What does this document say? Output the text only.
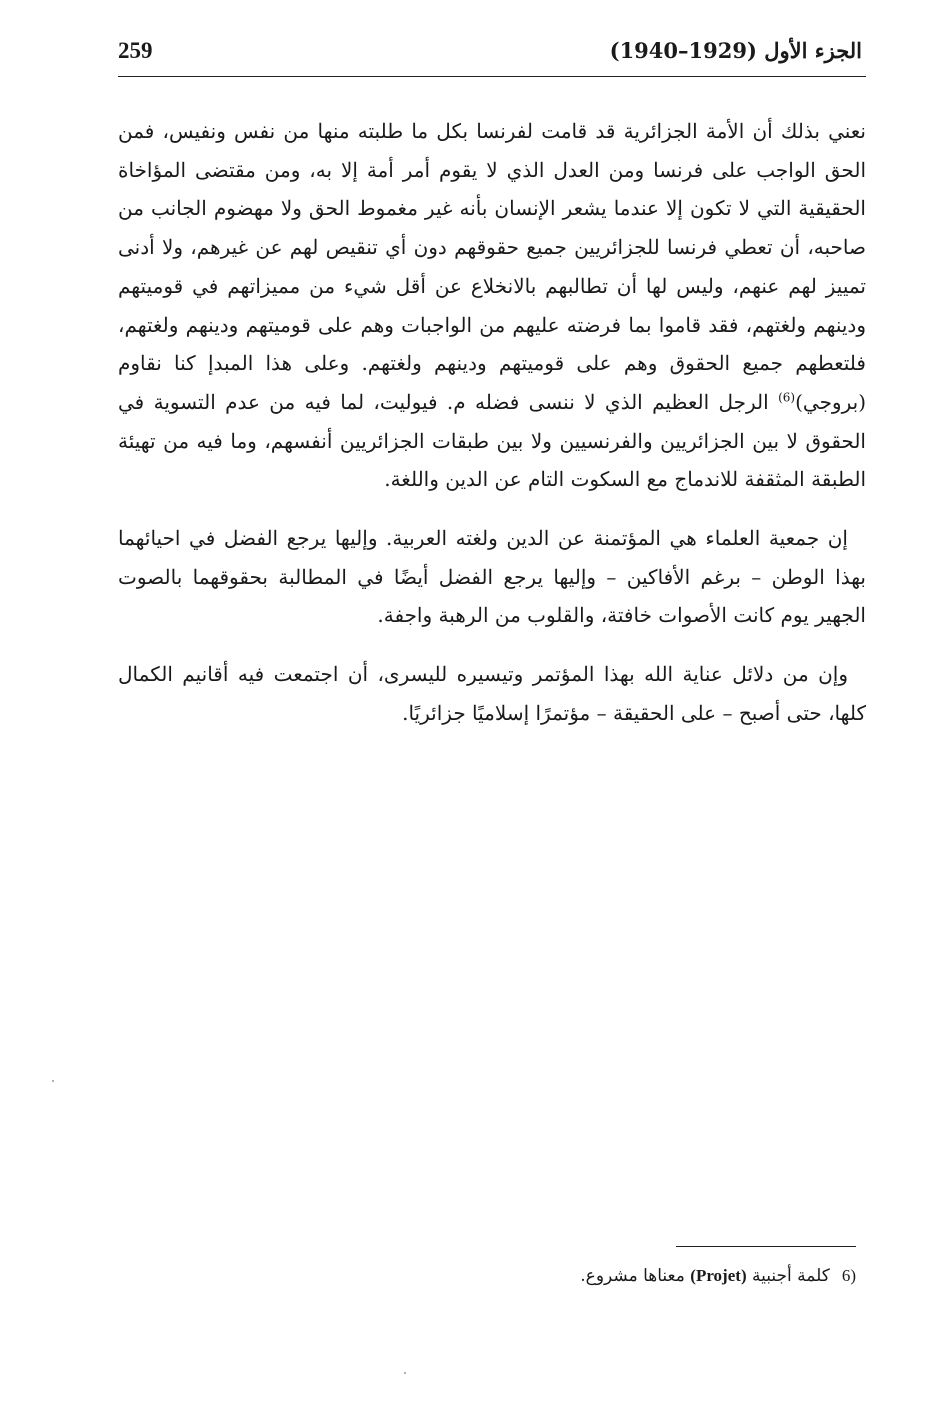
259	الجزء الأول (1929–1940)

نعني بذلك أن الأمة الجزائرية قد قامت لفرنسا بكل ما طلبته منها من نفس ونفيس، فمن الحق الواجب على فرنسا ومن العدل الذي لا يقوم أمر أمة إلا به، ومن مقتضى المؤاخاة الحقيقية التي لا تكون إلا عندما يشعر الإنسان بأنه غير مغموط الحق ولا مهضوم الجانب من صاحبه، أن تعطي فرنسا للجزائريين جميع حقوقهم دون أي تنقيص لهم عن غيرهم، ولا أدنى تمييز لهم عنهم، وليس لها أن تطالبهم بالانخلاع عن أقل شيء من مميزاتهم في قوميتهم ودينهم ولغتهم، فقد قاموا بما فرضته عليهم من الواجبات وهم على قوميتهم ودينهم ولغتهم، فلتعطهم جميع الحقوق وهم على قوميتهم ودينهم ولغتهم. وعلى هذا المبدإ كنا نقاوم (بروجي)$^{(6)}$ الرجل العظيم الذي لا ننسى فضله م. فيوليت، لما فيه من عدم التسوية في الحقوق لا بين الجزائريين والفرنسيين ولا بين طبقات الجزائريين أنفسهم، وما فيه من تهيئة الطبقة المثقفة للاندماج مع السكوت التام عن الدين واللغة.

إن جمعية العلماء هي المؤتمنة عن الدين ولغته العربية. وإليها يرجع الفضل في احيائهما بهذا الوطن – برغم الأفاكين – وإليها يرجع الفضل أيضًا في المطالبة بحقوقهما بالصوت الجهير يوم كانت الأصوات خافتة، والقلوب من الرهبة واجفة.

وإن من دلائل عناية الله بهذا المؤتمر وتيسيره لليسرى، أن اجتمعت فيه أقانيم الكمال كلها، حتى أصبح – على الحقيقة – مؤتمرًا إسلاميًا جزائريًا.

6)كلمة أجنبية (Projet) معناها مشروع.
